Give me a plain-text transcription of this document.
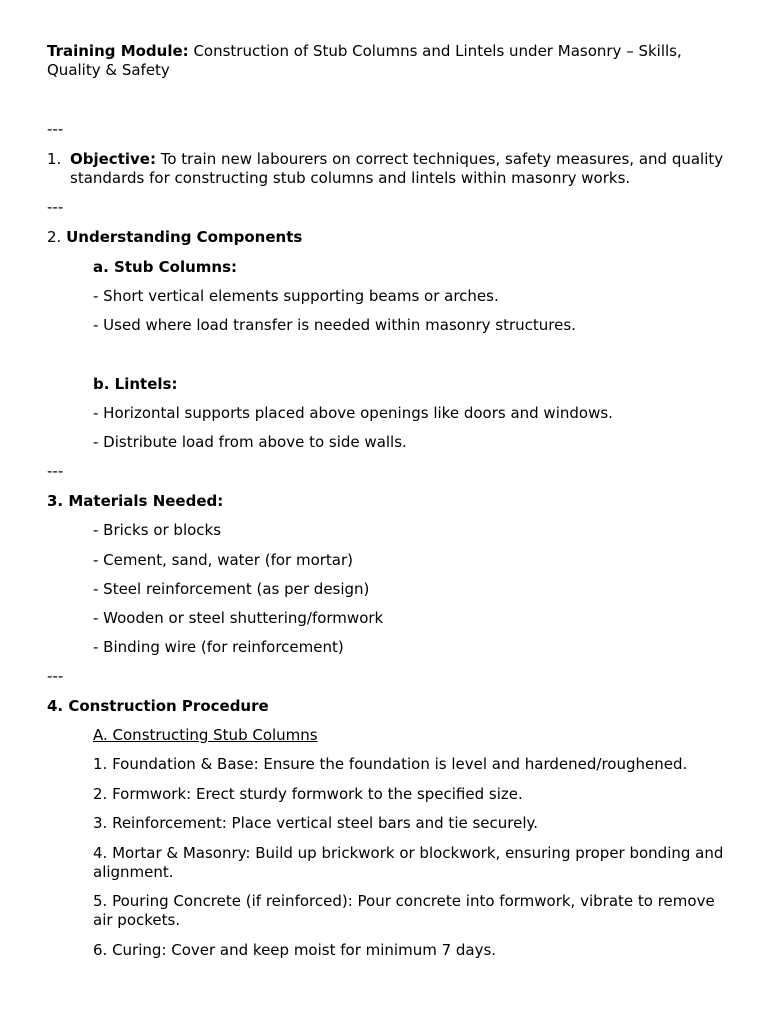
Training Module: Construction of Stub Columns and Lintels under Masonry – Skills, Quality & Safety

---

1. Objective: To train new labourers on correct techniques, safety measures, and quality standards for constructing stub columns and lintels within masonry works.

---

2. Understanding Components

a. Stub Columns:

- Short vertical elements supporting beams or arches.

- Used where load transfer is needed within masonry structures.

b. Lintels:

- Horizontal supports placed above openings like doors and windows.

- Distribute load from above to side walls.

---

3. Materials Needed:

- Bricks or blocks

- Cement, sand, water (for mortar)

- Steel reinforcement (as per design)

- Wooden or steel shuttering/formwork

- Binding wire (for reinforcement)

---

4. Construction Procedure

A. Constructing Stub Columns

1. Foundation & Base: Ensure the foundation is level and hardened/roughened.

2. Formwork: Erect sturdy formwork to the specified size.

3. Reinforcement: Place vertical steel bars and tie securely.

4. Mortar & Masonry: Build up brickwork or blockwork, ensuring proper bonding and alignment.

5. Pouring Concrete (if reinforced): Pour concrete into formwork, vibrate to remove air pockets.

6. Curing: Cover and keep moist for minimum 7 days.
